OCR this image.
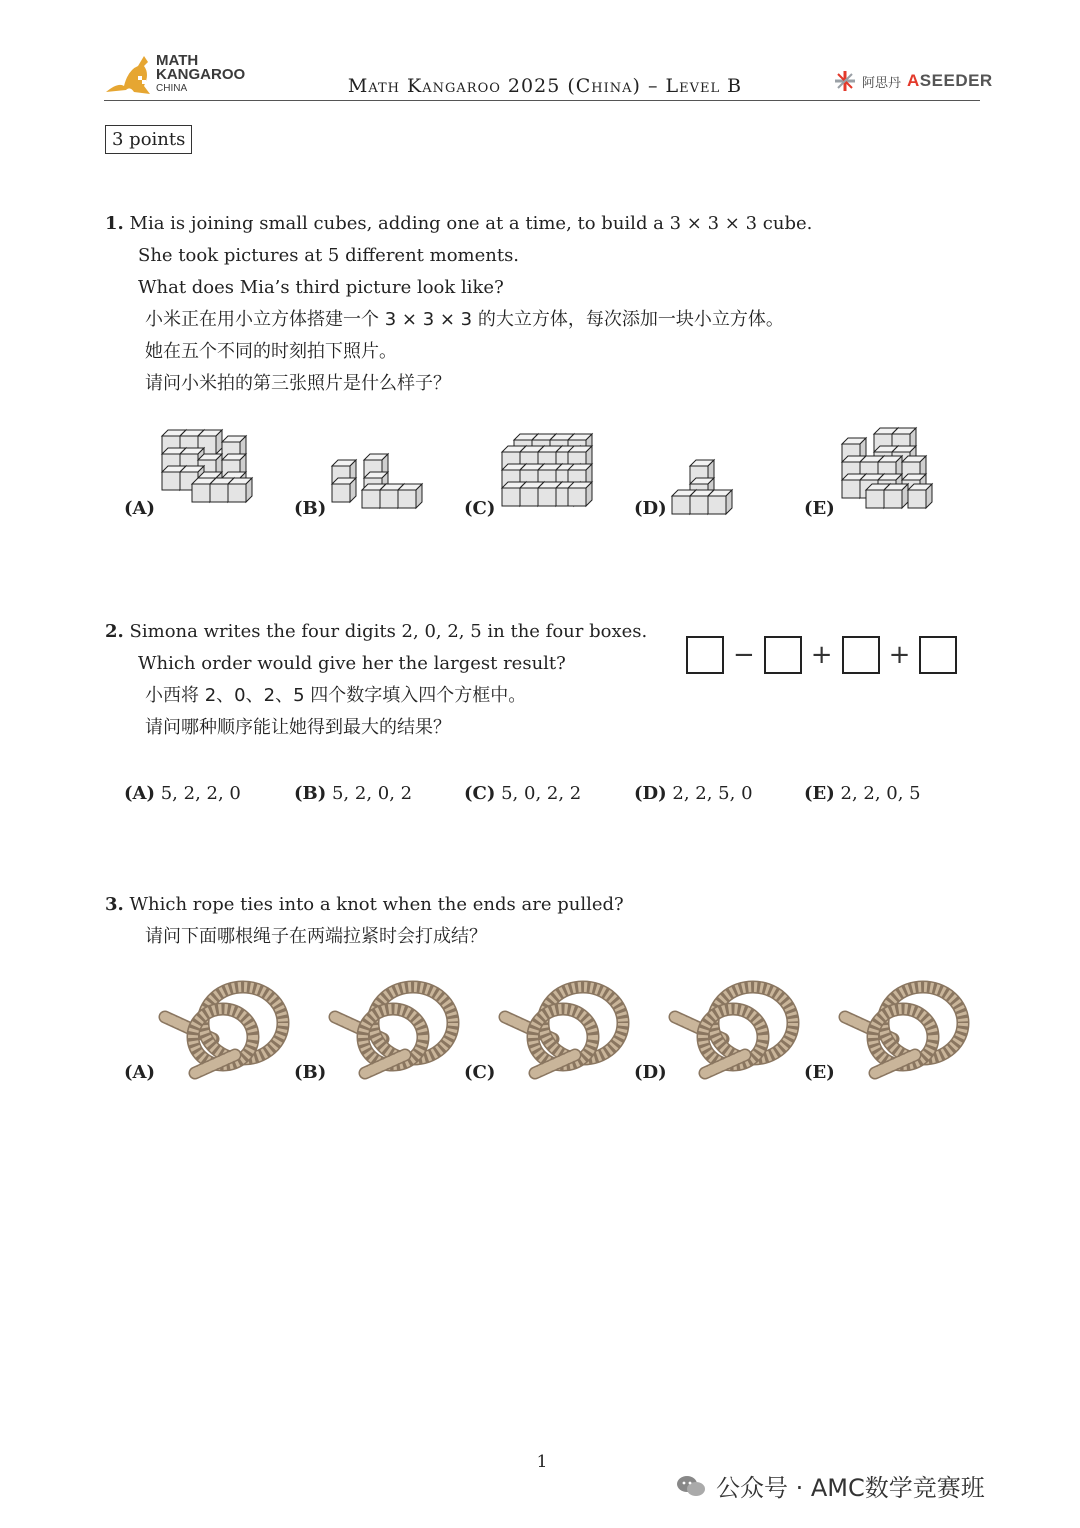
MATH
KANGAROO
CHINA	Math Kangaroo 2025 (China) – Level B	阿思丹 ASEEDER
3 points
1. Mia is joining small cubes, adding one at a time, to build a 3 × 3 × 3 cube.
She took pictures at 5 different moments.
What does Mia’s third picture look like?
小米正在用小立方体搭建一个 3 × 3 × 3 的大立方体，每次添加一块小立方体。
她在五个不同的时刻拍下照片。
请问小米拍的第三张照片是什么样子？
(A)	(B)	(C)	(D)	(E)
2. Simona writes the four digits 2, 0, 2, 5 in the four boxes.
Which order would give her the largest result?
小西将 2、0、2、5 四个数字填入四个方框中。
请问哪种顺序能让她得到最大的结果？
− + +
(A) 5, 2, 2, 0	(B) 5, 2, 0, 2	(C) 5, 0, 2, 2	(D) 2, 2, 5, 0	(E) 2, 2, 0, 5
3. Which rope ties into a knot when the ends are pulled?
请问下面哪根绳子在两端拉紧时会打成结？
(A)	(B)	(C)	(D)	(E)
1
公众号 · AMC数学竞赛班
